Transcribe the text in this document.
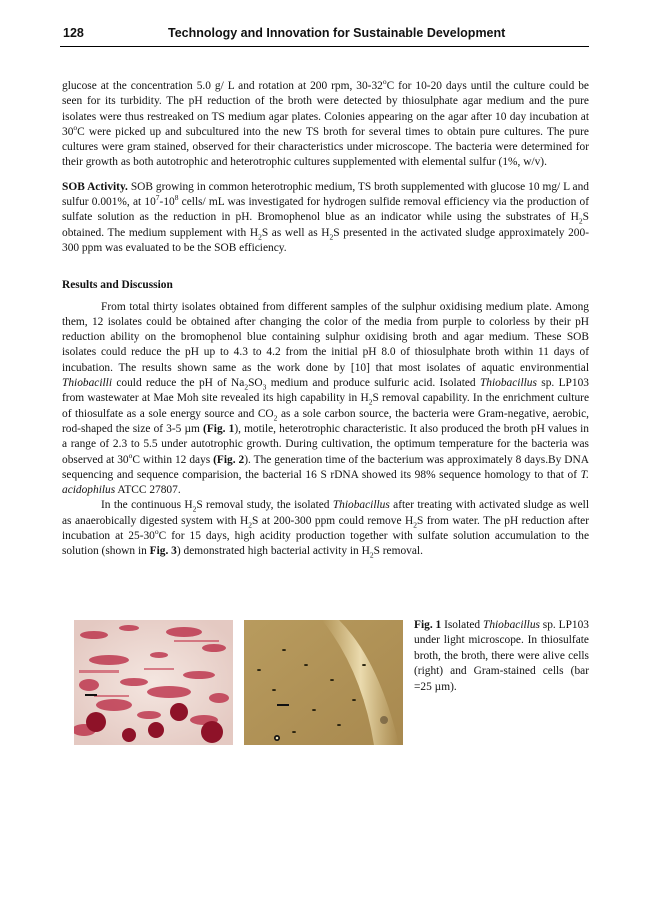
128	Technology and Innovation for Sustainable Development

glucose at the concentration 5.0 g/ L and rotation at 200 rpm, 30-32$^o$C for 10-20 days until the culture could be seen for its turbidity. The pH reduction of the broth were detected by thiosulphate agar medium and the pure isolates were thus restreaked on TS medium agar plates. Colonies appearing on the agar after 10 day incubation at 30$^o$C were picked up and subcultured into the new TS broth for several times to obtain pure cultures. The pure cultures were gram stained, observed for their characteristics under microscope. The bacteria were determined for their growth as both autotrophic and heterotrophic cultures supplemented with elemental sulfur (1%, w/v).

SOB Activity. SOB growing in common heterotrophic medium, TS broth supplemented with glucose 10 mg/ L and sulfur 0.001%, at $10^7-10^8$ cells/ mL was investigated for hydrogen sulfide removal efficiency via the production of sulfate solution as the reduction in pH. Bromophenol blue as an indicator while using the substrates of $H_2S$ obtained. The medium supplement with $H_2S$ as well as $H_2S$ presented in the activated sludge approximately 200- 300 ppm was evaluated to be the SOB efficiency.

Results and Discussion

From total thirty isolates obtained from different samples of the sulphur oxidising medium plate. Among them, 12 isolates could be obtained after changing the color of the media from purple to colorless by their pH reduction ability on the bromophenol blue containing sulphur oxidising broth and agar medium. These SOB isolates could reduce the pH up to 4.3 to 4.2 from the initial pH 8.0 of thiosulphate broth within 11 days of incubation. The results shown same as the work done by [10] that most isolates of aquatic environmential Thiobacilli could reduce the pH of $Na_2SO_3$ medium and produce sulfuric acid. Isolated Thiobacillus sp. LP103 from wastewater at Mae Moh site revealed its high capability in $H_2S$ removal capability. In the enrichment culture of thiosulfate as a sole energy source and $CO_2$ as a sole carbon source, the bacteria were Gram-negative, aerobic, rod-shaped the size of 3-5 µm (Fig. 1), motile, heterotrophic characteristic. It also produced the broth pH values in a range of 2.3 to 5.5 under autotrophic growth. During cultivation, the optimum temperature for the bacteria was observed at 30$^o$C within 12 days (Fig. 2). The generation time of the bacterium was approximately 8 days.By DNA sequencing and sequence comparision, the bacterial 16 S rDNA showed its 98% sequence homology to that of T. acidophilus ATCC 27807.

In the continuous $H_2S$ removal study, the isolated Thiobacillus after treating with activated sludge as well as anaerobically digested system with $H_2S$ at 200-300 ppm could remove $H_2S$ from water. The pH reduction after incubation at 25-30$^o$C for 15 days, high acidity production together with sulfate solution accumulation to the solution (shown in Fig. 3) demonstrated high bacterial activity in $H_2S$ removal.

Fig. 1 Isolated Thiobacillus sp. LP103 under light microscope. In thiosulfate broth, the broth, there were alive cells (right) and Gram-stained cells (bar =25 µm).
